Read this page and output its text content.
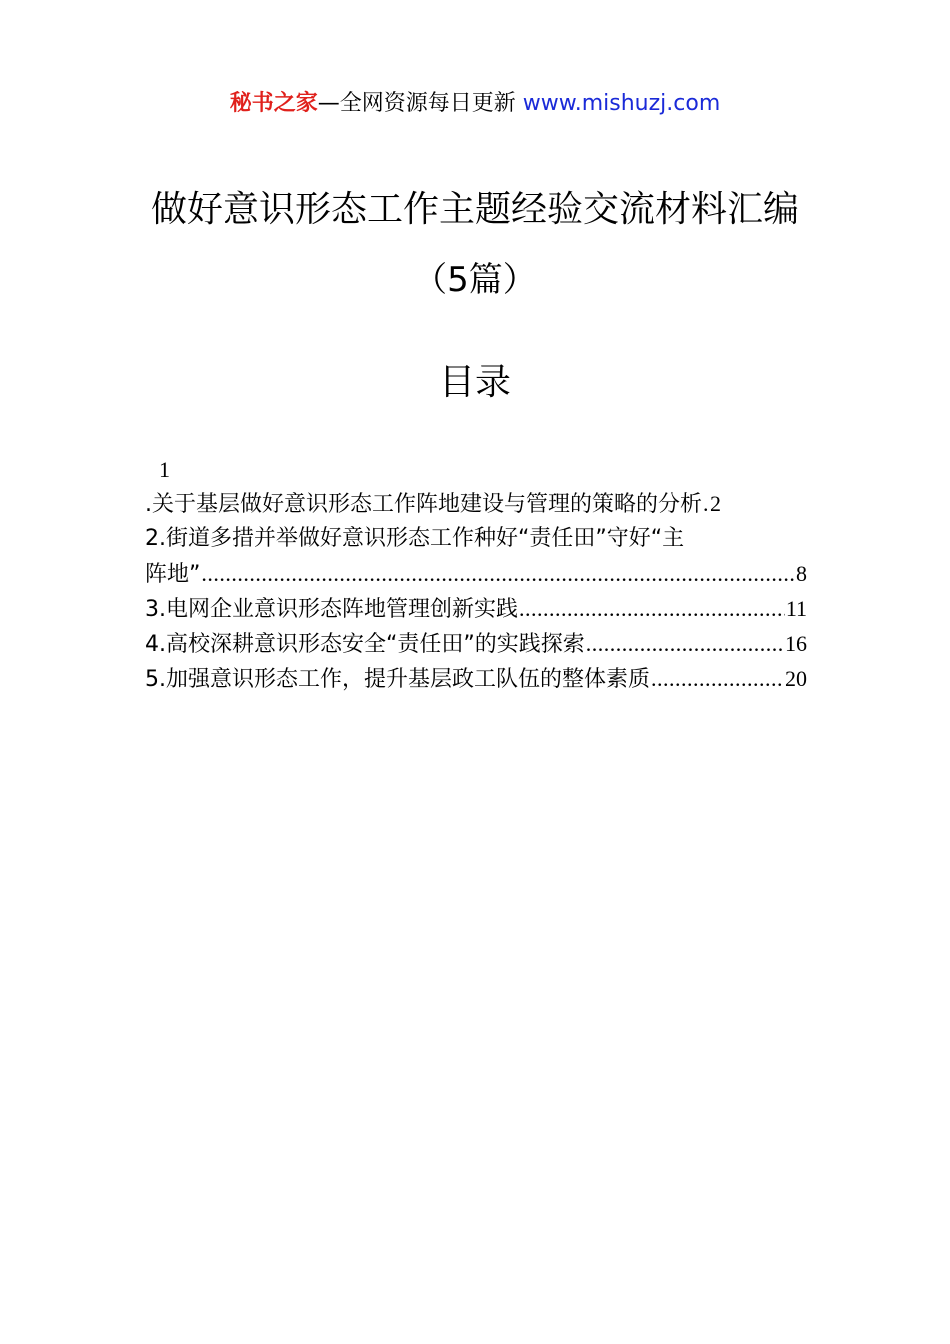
秘书之家—全网资源每日更新 www.mishuzj.com
做好意识形态工作主题经验交流材料汇编
（5篇）
目录
1
.关于基层做好意识形态工作阵地建设与管理的策略的分析 ..... 2
2.街道多措并举做好意识形态工作种好“责任田”守好“主
阵地” .....	8
3.电网企业意识形态阵地管理创新实践 .....	11
4.高校深耕意识形态安全“责任田”的实践探索 .....	16
5.加强意识形态工作，提升基层政工队伍的整体素质 .....	20
